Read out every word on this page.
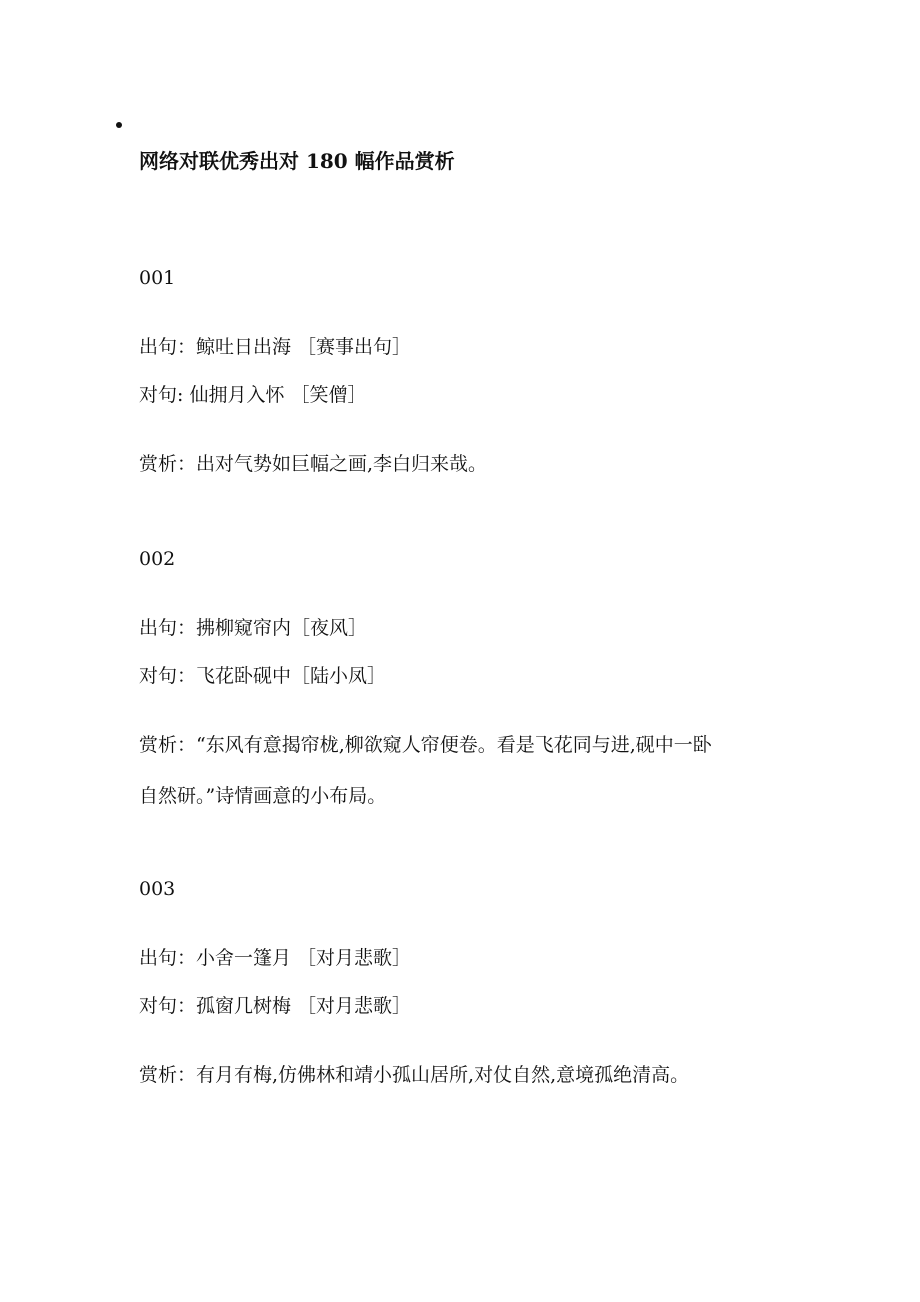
网络对联优秀出对 180 幅作品赏析
001
出句：鲸吐日出海 ［赛事出句］
对句: 仙拥月入怀 ［笑僧］
赏析：出对气势如巨幅之画,李白归来哉。
002
出句：拂柳窥帘内［夜风］
对句：飞花卧砚中［陆小凤］
赏析：“东风有意揭帘栊,柳欲窥人帘便卷。看是飞花同与进,砚中一卧
自然研。”诗情画意的小布局。
003
出句：小舍一篷月 ［对月悲歌］
对句：孤窗几树梅 ［对月悲歌］
赏析：有月有梅,仿佛林和靖小孤山居所,对仗自然,意境孤绝清高。
